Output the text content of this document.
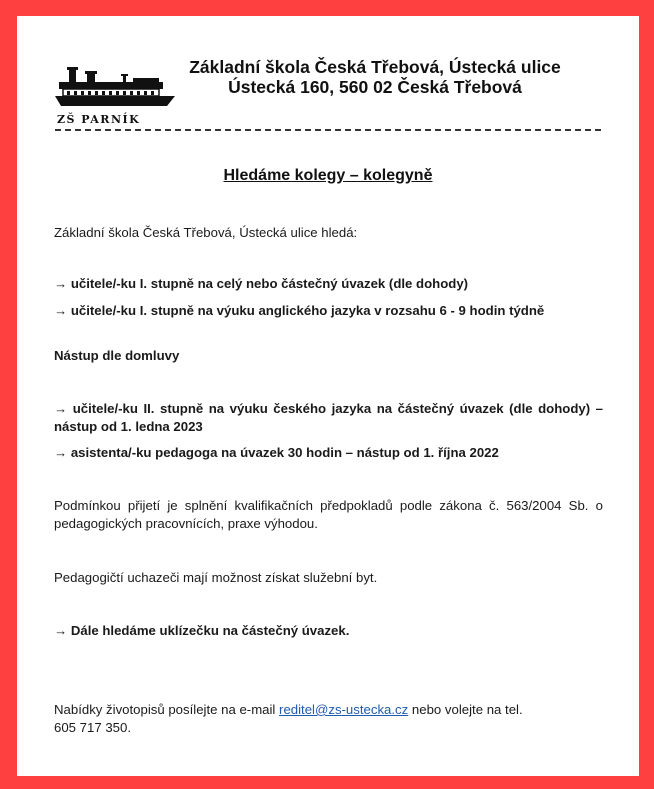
ZŠ PARNÍK
Základní škola Česká Třebová, Ústecká ulice
Ústecká 160, 560 02 Česká Třebová
Hledáme kolegy – kolegyně
Základní škola Česká Třebová, Ústecká ulice hledá:
→ učitele/-ku I. stupně na celý nebo částečný úvazek (dle dohody)
→ učitele/-ku I. stupně na výuku anglického jazyka v rozsahu 6 - 9 hodin týdně
Nástup dle domluvy
→ učitele/-ku II. stupně na výuku českého jazyka na částečný úvazek (dle dohody) – nástup od 1. ledna 2023
→ asistenta/-ku pedagoga na úvazek 30 hodin – nástup od 1. října 2022
Podmínkou přijetí je splnění kvalifikačních předpokladů podle zákona č. 563/2004 Sb. o pedagogických pracovnících, praxe výhodou.
Pedagogičtí uchazeči mají možnost získat služební byt.
→ Dále hledáme uklízečku na částečný úvazek.
Nabídky životopisů posílejte na e-mail reditel@zs-ustecka.cz nebo volejte na tel.
605 717 350.
